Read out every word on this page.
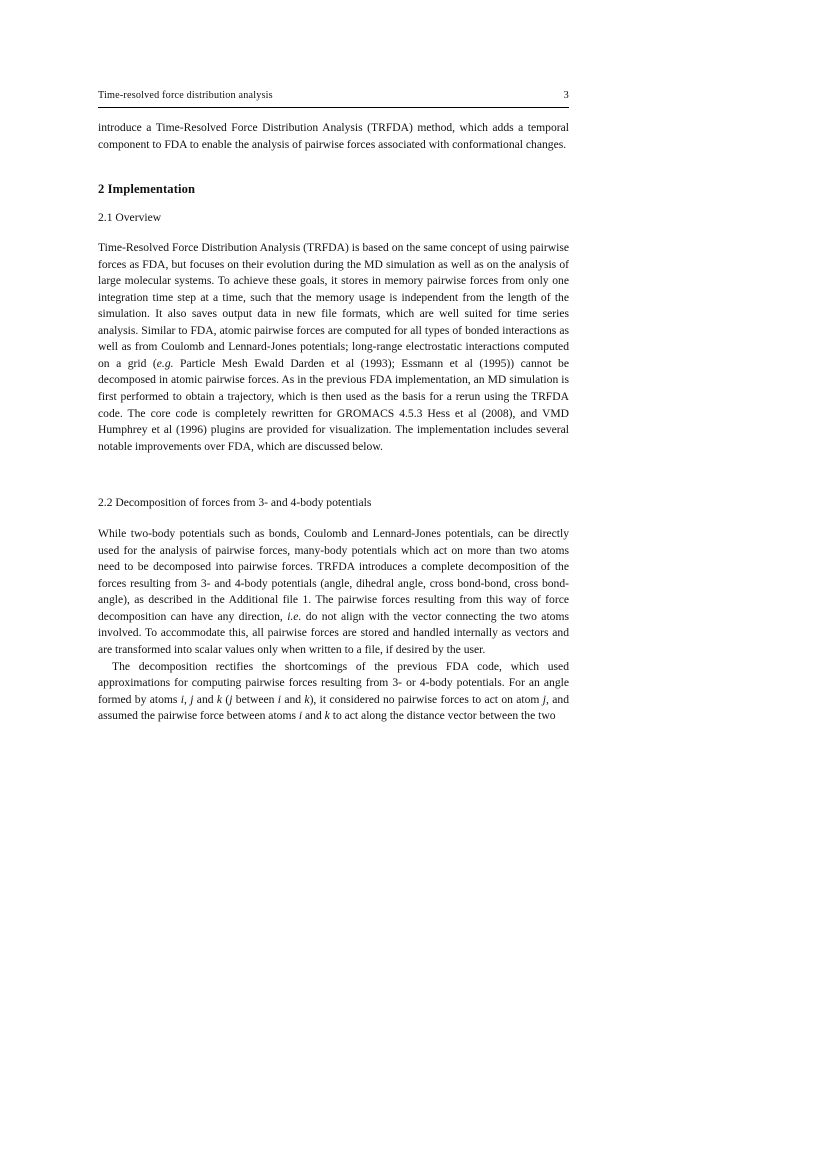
Time-resolved force distribution analysis	3

introduce a Time-Resolved Force Distribution Analysis (TRFDA) method, which adds a temporal component to FDA to enable the analysis of pairwise forces associated with conformational changes.

2 Implementation
2.1 Overview

Time-Resolved Force Distribution Analysis (TRFDA) is based on the same concept of using pairwise forces as FDA, but focuses on their evolution during the MD simulation as well as on the analysis of large molecular systems. To achieve these goals, it stores in memory pairwise forces from only one integration time step at a time, such that the memory usage is independent from the length of the simulation. It also saves output data in new file formats, which are well suited for time series analysis. Similar to FDA, atomic pairwise forces are computed for all types of bonded interactions as well as from Coulomb and Lennard-Jones potentials; long-range electrostatic interactions computed on a grid (e.g. Particle Mesh Ewald Darden et al (1993); Essmann et al (1995)) cannot be decomposed in atomic pairwise forces. As in the previous FDA implementation, an MD simulation is first performed to obtain a trajectory, which is then used as the basis for a rerun using the TRFDA code. The core code is completely rewritten for GROMACS 4.5.3 Hess et al (2008), and VMD Humphrey et al (1996) plugins are provided for visualization. The implementation includes several notable improvements over FDA, which are discussed below.

2.2 Decomposition of forces from 3- and 4-body potentials

While two-body potentials such as bonds, Coulomb and Lennard-Jones potentials, can be directly used for the analysis of pairwise forces, many-body potentials which act on more than two atoms need to be decomposed into pairwise forces. TRFDA introduces a complete decomposition of the forces resulting from 3- and 4-body potentials (angle, dihedral angle, cross bond-bond, cross bond-angle), as described in the Additional file 1. The pairwise forces resulting from this way of force decomposition can have any direction, i.e. do not align with the vector connecting the two atoms involved. To accommodate this, all pairwise forces are stored and handled internally as vectors and are transformed into scalar values only when written to a file, if desired by the user.

The decomposition rectifies the shortcomings of the previous FDA code, which used approximations for computing pairwise forces resulting from 3- or 4-body potentials. For an angle formed by atoms i, j and k (j between i and k), it considered no pairwise forces to act on atom j, and assumed the pairwise force between atoms i and k to act along the distance vector between the two
